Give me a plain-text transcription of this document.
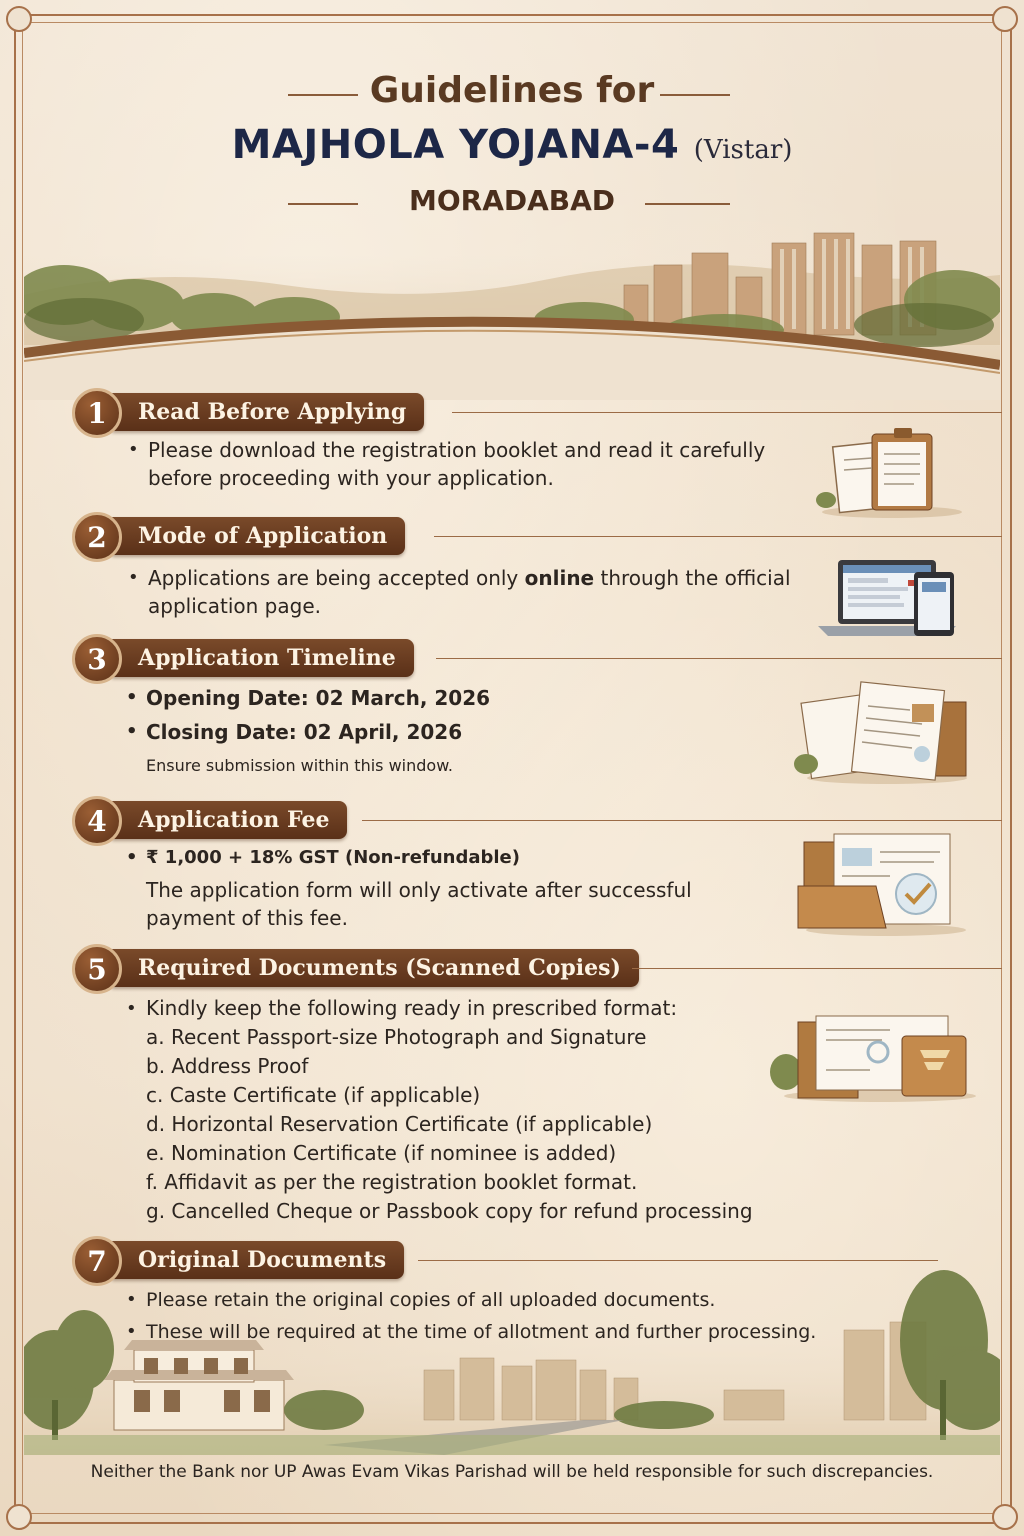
Guidelines for
MAJHOLA YOJANA-4 (Vistar)
MORADABAD
Read Before Applying
1
• Please download the registration booklet and read it carefully
before proceeding with your application.
Mode of Application
2
• Applications are being accepted only online through the official
application page.
Application Timeline
3
• Opening Date: 02 March, 2026
• Closing Date: 02 April, 2026
Ensure submission within this window.
Application Fee
4
• ₹ 1,000 + 18% GST (Non-refundable)
The application form will only activate after successful
payment of this fee.
Required Documents (Scanned Copies)
5
• Kindly keep the following ready in prescribed format:
a. Recent Passport-size Photograph and Signature
b. Address Proof
c. Caste Certificate (if applicable)
d. Horizontal Reservation Certificate (if applicable)
e. Nomination Certificate (if nominee is added)
f. Affidavit as per the registration booklet format.
g. Cancelled Cheque or Passbook copy for refund processing
Original Documents
7
• Please retain the original copies of all uploaded documents.
• These will be required at the time of allotment and further processing.
Neither the Bank nor UP Awas Evam Vikas Parishad will be held responsible for such discrepancies.
